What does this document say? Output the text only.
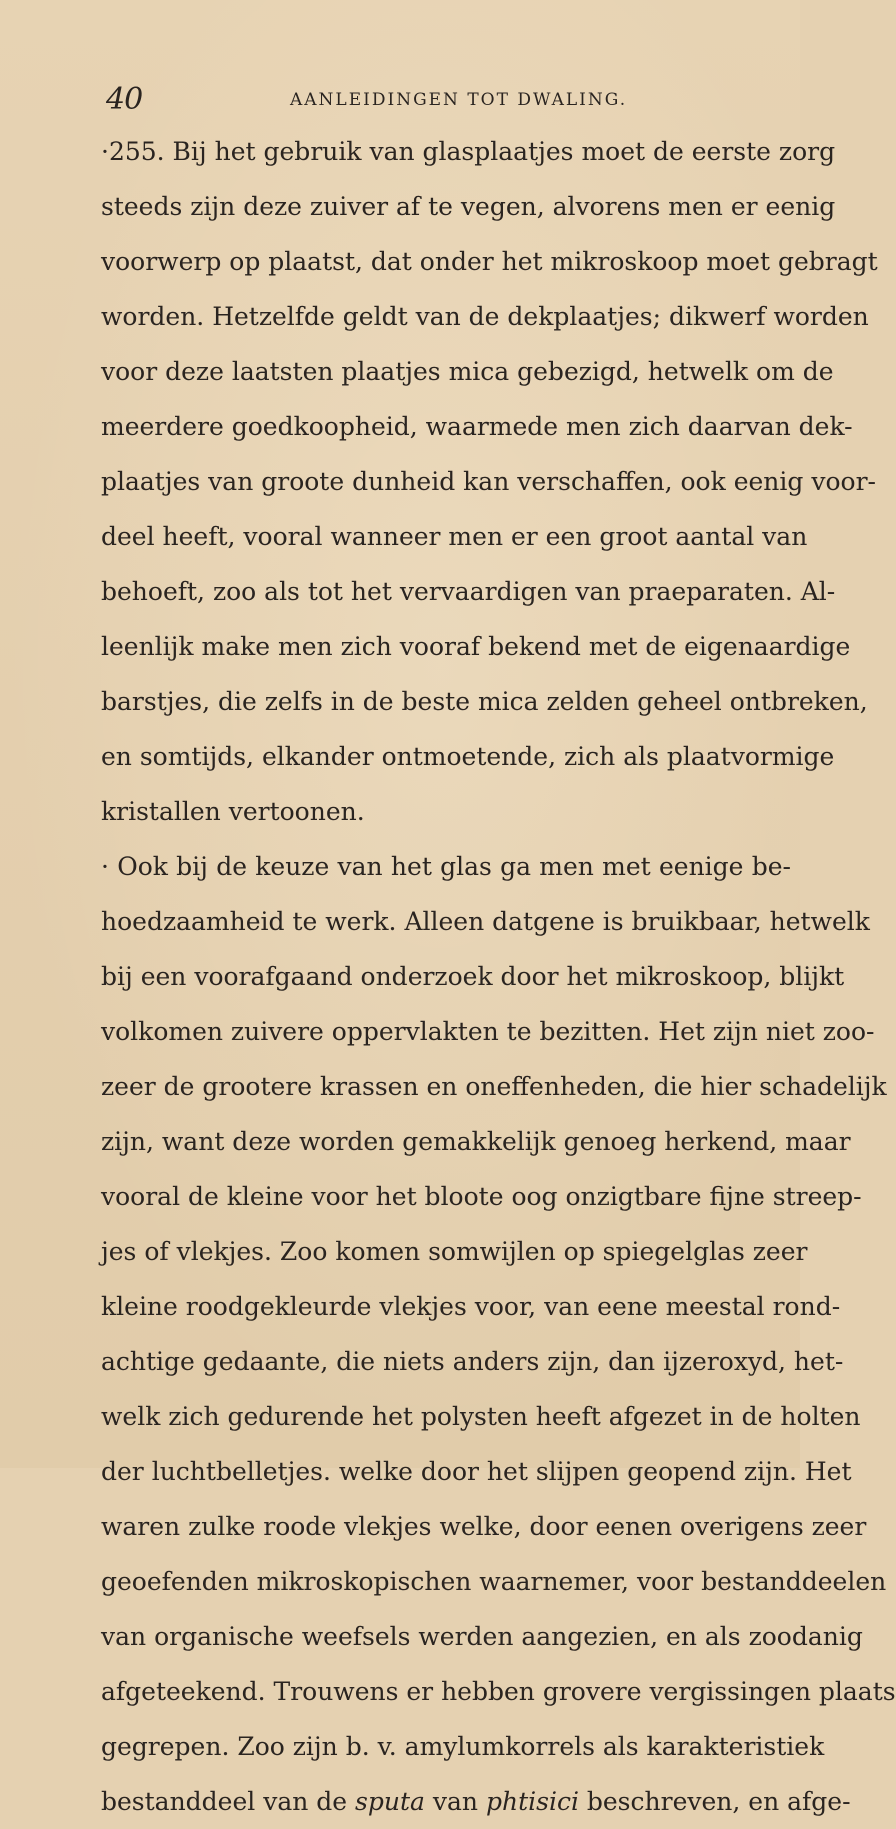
40	AANLEIDINGEN TOT DWALING.
·255. Bij het gebruik van glasplaatjes moet de eerste zorg
steeds zijn deze zuiver af te vegen, alvorens men er eenig
voorwerp op plaatst, dat onder het mikroskoop moet gebragt
worden. Hetzelfde geldt van de dekplaatjes; dikwerf worden
voor deze laatsten plaatjes mica gebezigd, hetwelk om de
meerdere goedkoopheid, waarmede men zich daarvan dek-
plaatjes van groote dunheid kan verschaffen, ook eenig voor-
deel heeft, vooral wanneer men er een groot aantal van
behoeft, zoo als tot het vervaardigen van praeparaten. Al-
leenlijk make men zich vooraf bekend met de eigenaardige
barstjes, die zelfs in de beste mica zelden geheel ontbreken,
en somtijds, elkander ontmoetende, zich als plaatvormige
kristallen vertoonen.
· Ook bij de keuze van het glas ga men met eenige be-
hoedzaamheid te werk. Alleen datgene is bruikbaar, hetwelk
bij een voorafgaand onderzoek door het mikroskoop, blijkt
volkomen zuivere oppervlakten te bezitten. Het zijn niet zoo-
zeer de grootere krassen en oneffenheden, die hier schadelijk
zijn, want deze worden gemakkelijk genoeg herkend, maar
vooral de kleine voor het bloote oog onzigtbare fijne streep-
jes of vlekjes. Zoo komen somwijlen op spiegelglas zeer
kleine roodgekleurde vlekjes voor, van eene meestal rond-
achtige gedaante, die niets anders zijn, dan ijzeroxyd, het-
welk zich gedurende het polysten heeft afgezet in de holten
der luchtbelletjes. welke door het slijpen geopend zijn. Het
waren zulke roode vlekjes welke, door eenen overigens zeer
geoefenden mikroskopischen waarnemer, voor bestanddeelen
van organische weefsels werden aangezien, en als zoodanig
afgeteekend. Trouwens er hebben grovere vergissingen plaats
gegrepen. Zoo zijn b. v. amylumkorrels als karakteristiek
bestanddeel van de sputa van phtisici beschreven, en afge-
